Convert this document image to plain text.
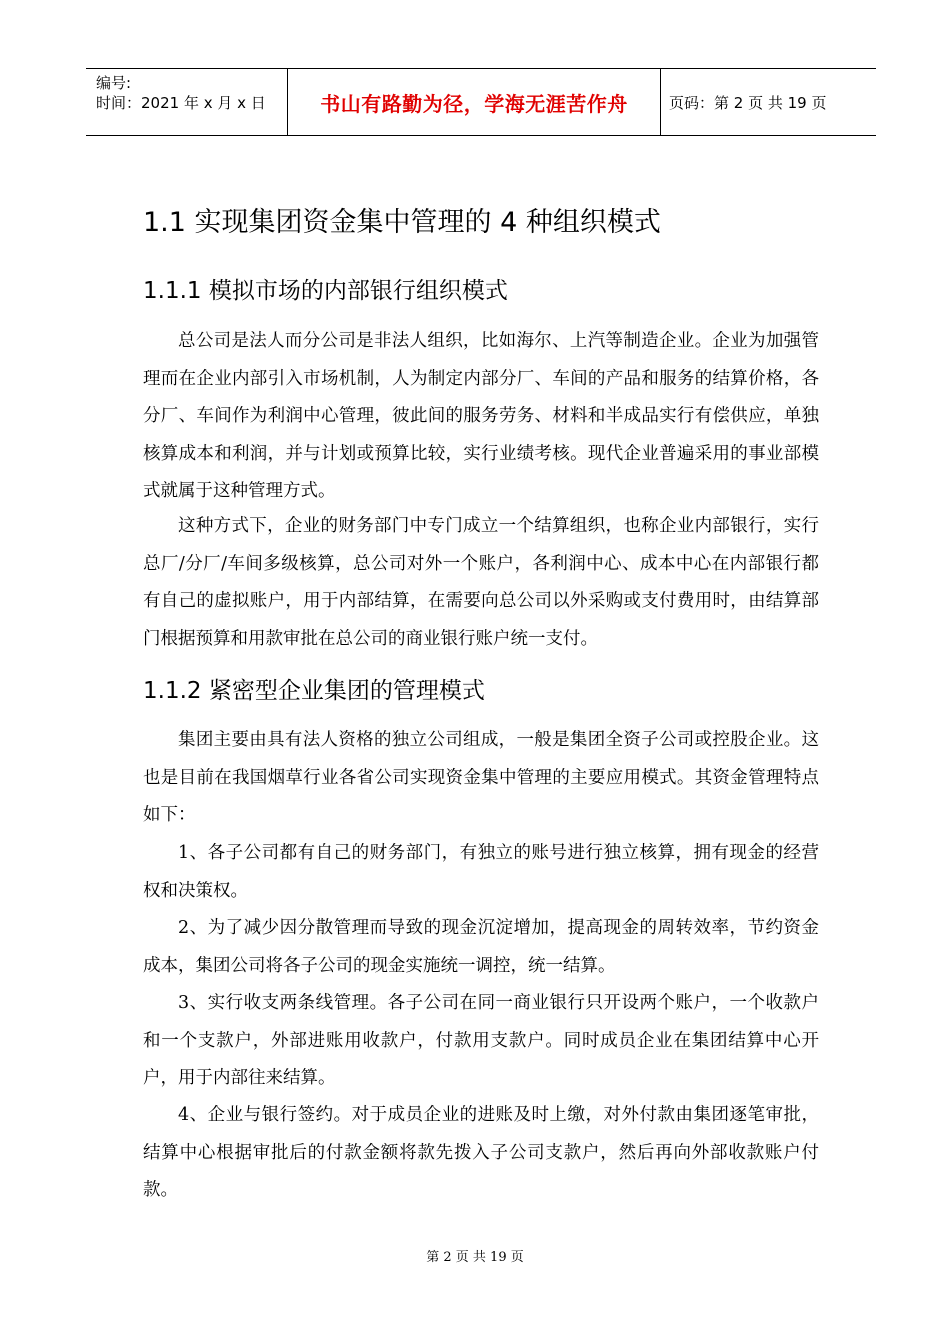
编号:
时间：2021 年 x 月 x 日	书山有路勤为径，学海无涯苦作舟	页码：第 2 页 共 19 页
1.1 实现集团资金集中管理的 4 种组织模式
1.1.1 模拟市场的内部银行组织模式

总公司是法人而分公司是非法人组织，比如海尔、上汽等制造企业。企业为加强管理而在企业内部引入市场机制，人为制定内部分厂、车间的产品和服务的结算价格，各分厂、车间作为利润中心管理，彼此间的服务劳务、材料和半成品实行有偿供应，单独核算成本和利润，并与计划或预算比较，实行业绩考核。现代企业普遍采用的事业部模式就属于这种管理方式。

这种方式下，企业的财务部门中专门成立一个结算组织，也称企业内部银行，实行总厂/分厂/车间多级核算，总公司对外一个账户，各利润中心、成本中心在内部银行都有自己的虚拟账户，用于内部结算，在需要向总公司以外采购或支付费用时，由结算部门根据预算和用款审批在总公司的商业银行账户统一支付。

1.1.2 紧密型企业集团的管理模式

集团主要由具有法人资格的独立公司组成，一般是集团全资子公司或控股企业。这也是目前在我国烟草行业各省公司实现资金集中管理的主要应用模式。其资金管理特点如下：

1、各子公司都有自己的财务部门，有独立的账号进行独立核算，拥有现金的经营权和决策权。

2、为了减少因分散管理而导致的现金沉淀增加，提高现金的周转效率，节约资金成本，集团公司将各子公司的现金实施统一调控，统一结算。

3、实行收支两条线管理。各子公司在同一商业银行只开设两个账户，一个收款户和一个支款户，外部进账用收款户，付款用支款户。同时成员企业在集团结算中心开户，用于内部往来结算。

4、企业与银行签约。对于成员企业的进账及时上缴，对外付款由集团逐笔审批，结算中心根据审批后的付款金额将款先拨入子公司支款户，然后再向外部收款账户付款。

第 2 页 共 19 页
